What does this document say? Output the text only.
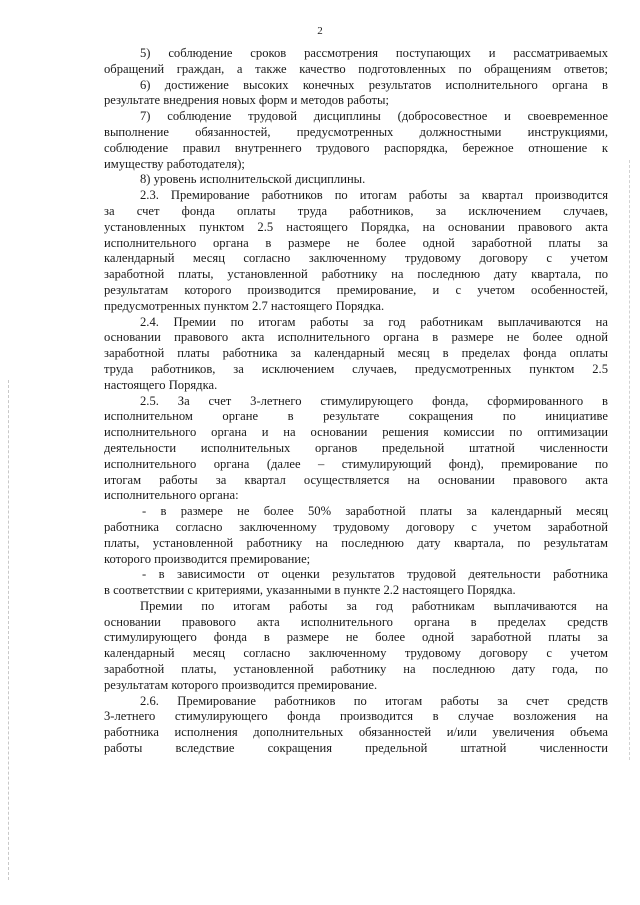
2
5) соблюдение сроков рассмотрения поступающих и рассматриваемых
обращений граждан, а также качество подготовленных по обращениям ответов;
6) достижение высоких конечных результатов исполнительного органа в
результате внедрения новых форм и методов работы;
7) соблюдение трудовой дисциплины (добросовестное и своевременное
выполнение обязанностей, предусмотренных должностными инструкциями,
соблюдение правил внутреннего трудового распорядка, бережное отношение к
имуществу работодателя);
8) уровень исполнительской дисциплины.
2.3. Премирование работников по итогам работы за квартал производится
за счет фонда оплаты труда работников, за исключением случаев,
установленных пунктом 2.5 настоящего Порядка, на основании правового акта
исполнительного органа в размере не более одной заработной платы за
календарный месяц согласно заключенному трудовому договору с учетом
заработной платы, установленной работнику на последнюю дату квартала, по
результатам которого производится премирование, и с учетом особенностей,
предусмотренных пунктом 2.7 настоящего Порядка.
2.4. Премии по итогам работы за год работникам выплачиваются на
основании правового акта исполнительного органа в размере не более одной
заработной платы работника за календарный месяц в пределах фонда оплаты
труда работников, за исключением случаев, предусмотренных пунктом 2.5
настоящего Порядка.
2.5. За счет 3-летнего стимулирующего фонда, сформированного в
исполнительном органе в результате сокращения по инициативе
исполнительного органа и на основании решения комиссии по оптимизации
деятельности исполнительных органов предельной штатной численности
исполнительного органа (далее – стимулирующий фонд), премирование по
итогам работы за квартал осуществляется на основании правового акта
исполнительного органа:
- в размере не более 50% заработной платы за календарный месяц
работника согласно заключенному трудовому договору с учетом заработной
платы, установленной работнику на последнюю дату квартала, по результатам
которого производится премирование;
- в зависимости от оценки результатов трудовой деятельности работника
в соответствии с критериями, указанными в пункте 2.2 настоящего Порядка.
Премии по итогам работы за год работникам выплачиваются на
основании правового акта исполнительного органа в пределах средств
стимулирующего фонда в размере не более одной заработной платы за
календарный месяц согласно заключенному трудовому договору с учетом
заработной платы, установленной работнику на последнюю дату года, по
результатам которого производится премирование.
2.6. Премирование работников по итогам работы за счет средств
3-летнего стимулирующего фонда производится в случае возложения на
работника исполнения дополнительных обязанностей и/или увеличения объема
работы вследствие сокращения предельной штатной численности
